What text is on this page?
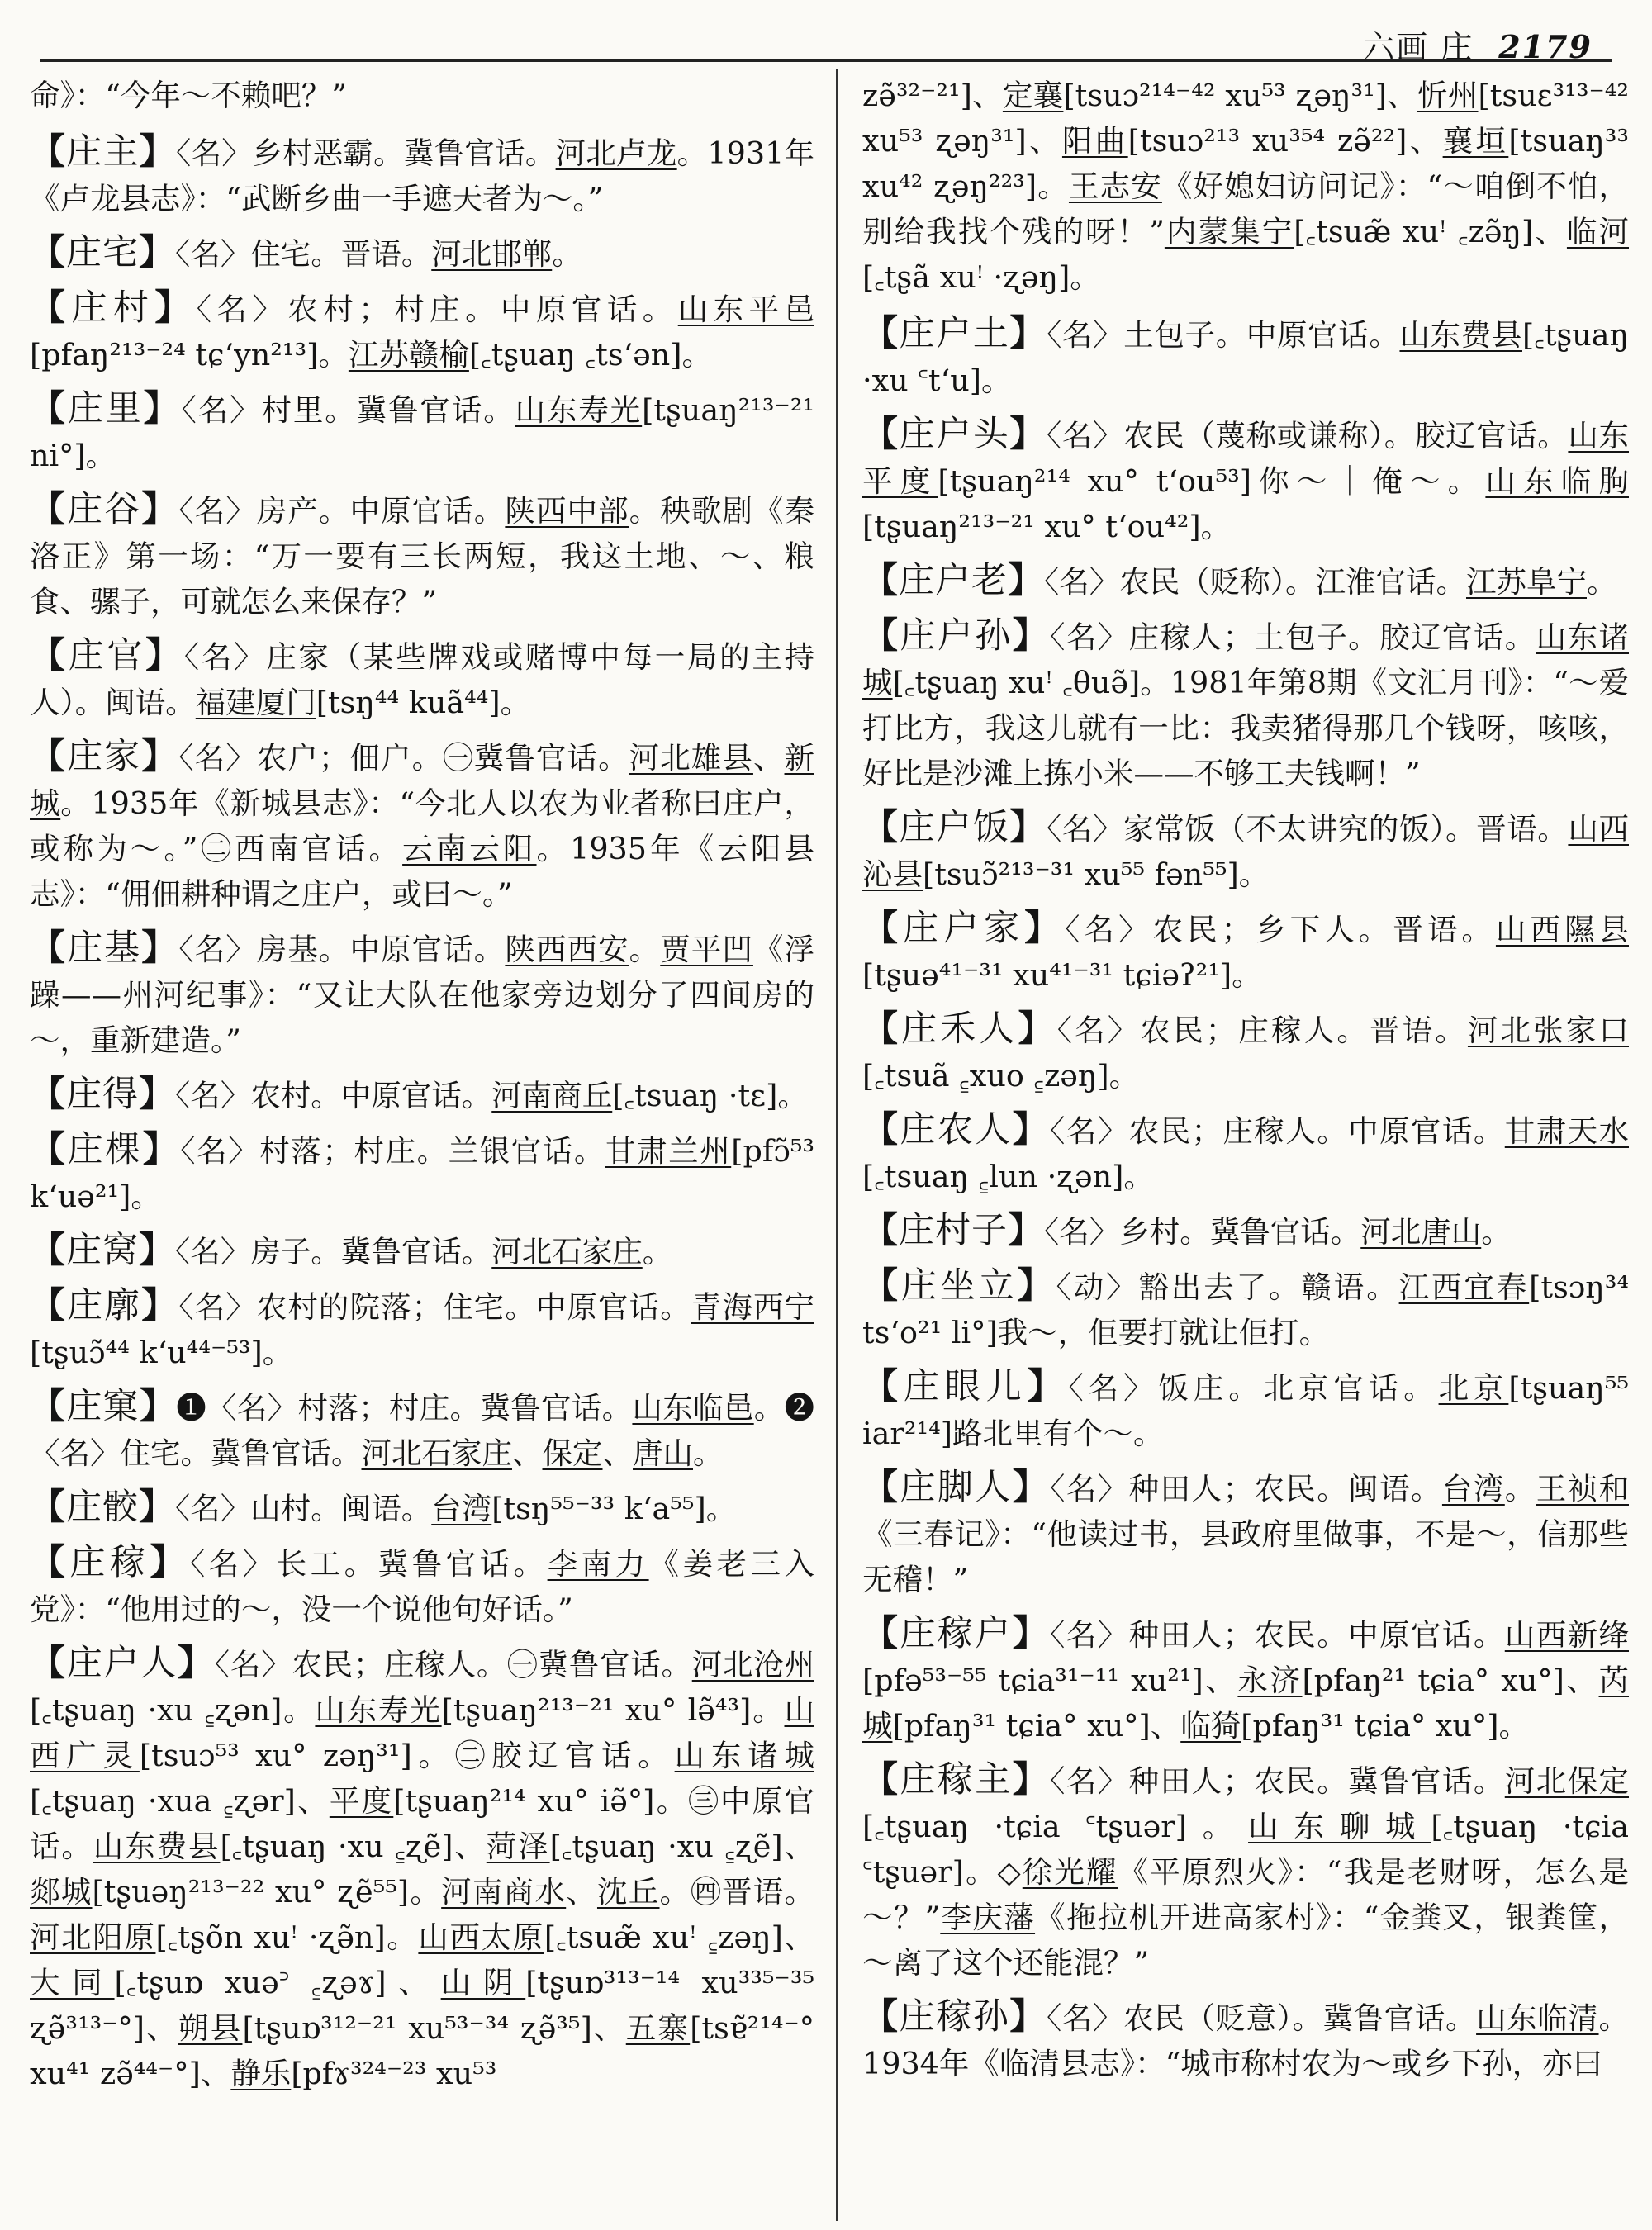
六画 庄 2179
命》：“今年～不赖吧？”
【庄主】〈名〉乡村恶霸。冀鲁官话。河北卢龙。1931年《卢龙县志》：“武断乡曲一手遮天者为～。”
【庄宅】〈名〉住宅。晋语。河北邯郸。
【庄村】〈名〉农村；村庄。中原官话。山东平邑[pfaŋ²¹³⁻²⁴ tɕʻyn²¹³]。江苏赣榆[꜀tʂuaŋ ꜀tsʻən]。
【庄里】〈名〉村里。冀鲁官话。山东寿光[tʂuaŋ²¹³⁻²¹ ni°]。
【庄谷】〈名〉房产。中原官话。陕西中部。秧歌剧《秦洛正》第一场：“万一要有三长两短，我这土地、～、粮食、骡子，可就怎么来保存？”
【庄官】〈名〉庄家（某些牌戏或赌博中每一局的主持人）。闽语。福建厦门[tsŋ⁴⁴ kuã⁴⁴]。
【庄家】〈名〉农户；佃户。㊀冀鲁官话。河北雄县、新城。1935年《新城县志》：“今北人以农为业者称曰庄户，或称为～。”㊁西南官话。云南云阳。1935年《云阳县志》：“佣佃耕种谓之庄户，或曰～。”
【庄基】〈名〉房基。中原官话。陕西西安。贾平凹《浮躁——州河纪事》：“又让大队在他家旁边划分了四间房的～，重新建造。”
【庄得】〈名〉农村。中原官话。河南商丘[꜀tsuaŋ ·tɛ]。
【庄棵】〈名〉村落；村庄。兰银官话。甘肃兰州[pfɔ̃⁵³ kʻuə²¹]。
【庄窝】〈名〉房子。冀鲁官话。河北石家庄。
【庄廓】〈名〉农村的院落；住宅。中原官话。青海西宁[tʂuɔ̃⁴⁴ kʻu⁴⁴⁻⁵³]。
【庄窠】❶〈名〉村落；村庄。冀鲁官话。山东临邑。❷〈名〉住宅。冀鲁官话。河北石家庄、保定、唐山。
【庄骹】〈名〉山村。闽语。台湾[tsŋ⁵⁵⁻³³ kʻa⁵⁵]。
【庄稼】〈名〉长工。冀鲁官话。李南力《姜老三入党》：“他用过的～，没一个说他句好话。”
【庄户人】〈名〉农民；庄稼人。㊀冀鲁官话。河北沧州[꜀tʂuaŋ ·xu ꜁ʐən]。山东寿光[tʂuaŋ²¹³⁻²¹ xu° lə̃⁴³]。山西广灵[tsuɔ⁵³ xu° zəŋ³¹]。㊁胶辽官话。山东诸城[꜀tʂuaŋ ·xua ꜁ʐər]、平度[tʂuaŋ²¹⁴ xu° iə̃°]。㊂中原官话。山东费县[꜀tʂuaŋ ·xu ꜁ʐẽ]、菏泽[꜀tʂuaŋ ·xu ꜁ʐẽ]、郯城[tʂuəŋ²¹³⁻²² xu° ʐẽ⁵⁵]。河南商水、沈丘。㊃晋语。河北阳原[꜀tʂõn xuꜝ ·ʐə̃n]。山西太原[꜀tsuæ̃ xuꜝ ꜁zəŋ]、大同[꜀tʂuɒ xuə꜄ ꜁ʐəɤ]、山阴[tʂuɒ³¹³⁻¹⁴ xu³³⁵⁻³⁵ ʐə̃³¹³⁻°]、朔县[tʂuɒ³¹²⁻²¹ xu⁵³⁻³⁴ ʐə̃³⁵]、五寨[tsɐ̃²¹⁴⁻° xu⁴¹ zə̃⁴⁴⁻°]、静乐[pfɤ³²⁴⁻²³ xu⁵³
zə̃³²⁻²¹]、定襄[tsuɔ²¹⁴⁻⁴² xu⁵³ ʐəŋ³¹]、忻州[tsuɛ³¹³⁻⁴² xu⁵³ ʐəŋ³¹]、阳曲[tsuɔ²¹³ xu³⁵⁴ zə̃²²]、襄垣[tsuaŋ³³ xu⁴² ʐəŋ²²³]。王志安《好媳妇访问记》：“～咱倒不怕，别给我找个残的呀！”内蒙集宁[꜀tsuæ̃ xuꜝ ꜀zə̃ŋ]、临河[꜀tʂã xuꜝ ·ʐəŋ]。
【庄户土】〈名〉土包子。中原官话。山东费县[꜀tʂuaŋ ·xu ꜂tʻu]。
【庄户头】〈名〉农民（蔑称或谦称）。胶辽官话。山东平度[tʂuaŋ²¹⁴ xu° tʻou⁵³]你～｜俺～。山东临朐[tʂuaŋ²¹³⁻²¹ xu° tʻou⁴²]。
【庄户老】〈名〉农民（贬称）。江淮官话。江苏阜宁。
【庄户孙】〈名〉庄稼人；土包子。胶辽官话。山东诸城[꜀tʂuaŋ xuꜝ ꜀θuə̃]。1981年第8期《文汇月刊》：“～爱打比方，我这儿就有一比：我卖猪得那几个钱呀，咳咳，好比是沙滩上拣小米——不够工夫钱啊！”
【庄户饭】〈名〉家常饭（不太讲究的饭）。晋语。山西沁县[tsuɔ̃²¹³⁻³¹ xu⁵⁵ fən⁵⁵]。
【庄户家】〈名〉农民；乡下人。晋语。山西隰县[tʂuə⁴¹⁻³¹ xu⁴¹⁻³¹ tɕiəʔ²¹]。
【庄禾人】〈名〉农民；庄稼人。晋语。河北张家口[꜀tsuã ꜁xuo ꜁zəŋ]。
【庄农人】〈名〉农民；庄稼人。中原官话。甘肃天水[꜀tsuaŋ ꜁lun ·ʐən]。
【庄村子】〈名〉乡村。冀鲁官话。河北唐山。
【庄坐立】〈动〉豁出去了。赣语。江西宜春[tsɔŋ³⁴ tsʻo²¹ li°]我～，佢要打就让佢打。
【庄眼儿】〈名〉饭庄。北京官话。北京[tʂuaŋ⁵⁵ iar²¹⁴]路北里有个～。
【庄脚人】〈名〉种田人；农民。闽语。台湾。王祯和《三春记》：“他读过书，县政府里做事，不是～，信那些无稽！”
【庄稼户】〈名〉种田人；农民。中原官话。山西新绛[pfə⁵³⁻⁵⁵ tɕia³¹⁻¹¹ xu²¹]、永济[pfaŋ²¹ tɕia° xu°]、芮城[pfaŋ³¹ tɕia° xu°]、临猗[pfaŋ³¹ tɕia° xu°]。
【庄稼主】〈名〉种田人；农民。冀鲁官话。河北保定[꜀tʂuaŋ ·tɕia ꜂tʂuər]。山东聊城[꜀tʂuaŋ ·tɕia ꜂tʂuər]。◇徐光耀《平原烈火》：“我是老财呀，怎么是～？”李庆藩《拖拉机开进高家村》：“金粪叉，银粪筐，～离了这个还能混？”
【庄稼孙】〈名〉农民（贬意）。冀鲁官话。山东临清。1934年《临清县志》：“城市称村农为～或乡下孙，亦曰
